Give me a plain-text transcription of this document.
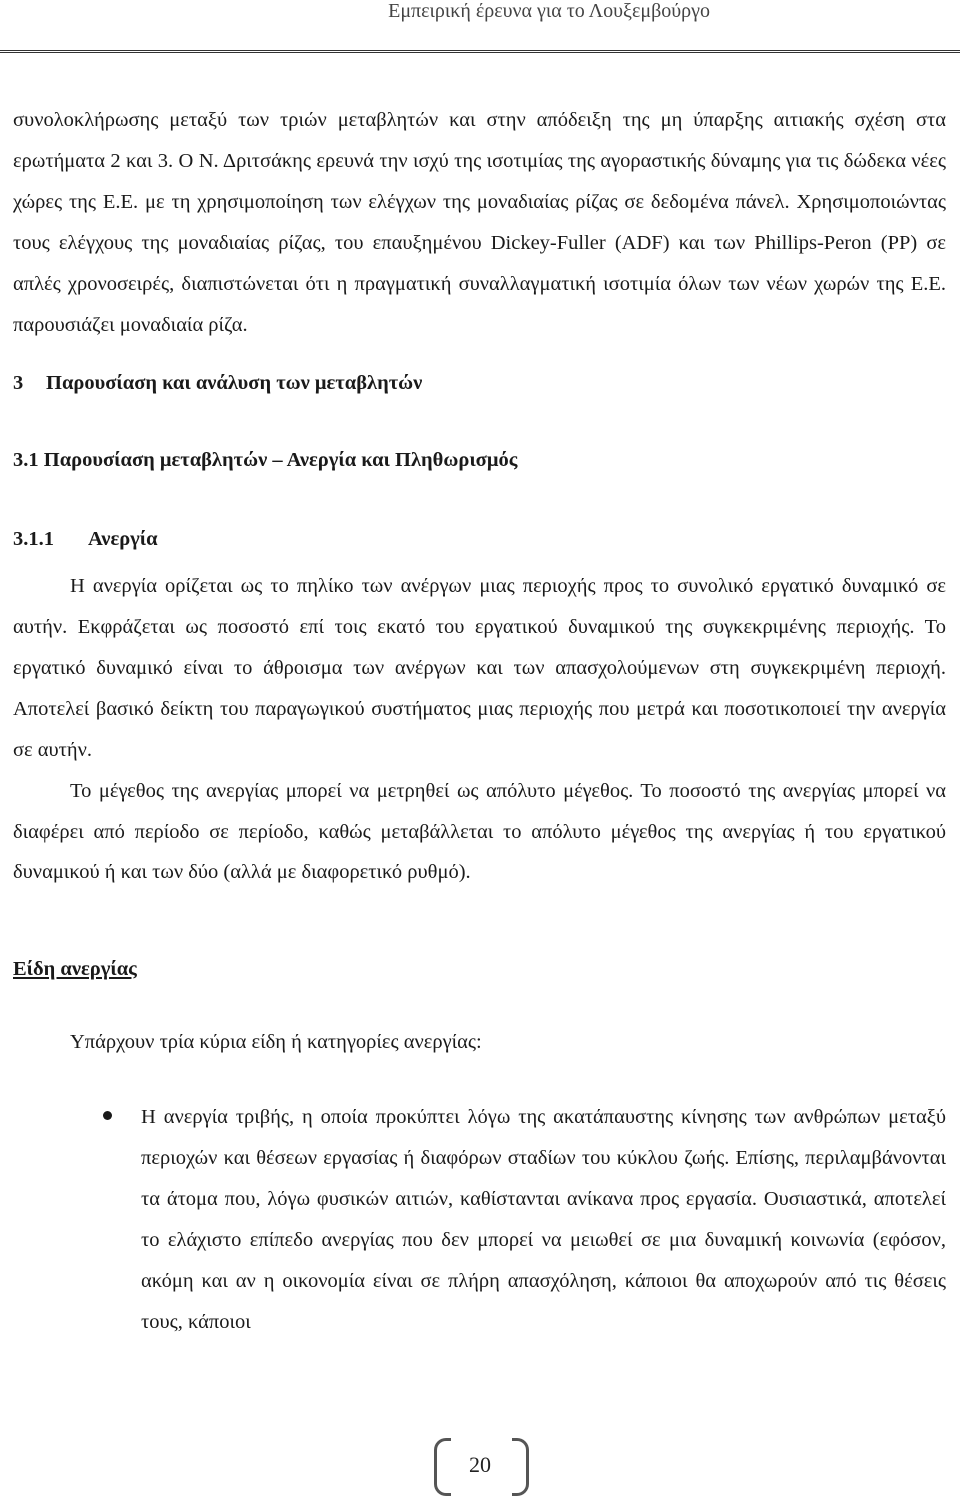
Εμπειρική έρευνα για το Λουξεμβούργο

συνολοκλήρωσης μεταξύ των τριών μεταβλητών και στην απόδειξη της μη ύπαρξης αιτιακής σχέση στα ερωτήματα 2 και 3. Ο Ν. Δριτσάκης ερευνά την ισχύ της ισοτιμίας της αγοραστικής δύναμης για τις δώδεκα νέες χώρες της Ε.Ε. με τη χρησιμοποίηση των ελέγχων της μοναδιαίας ρίζας σε δεδομένα πάνελ. Χρησιμοποιώντας τους ελέγχους της μοναδιαίας ρίζας, του επαυξημένου Dickey-Fuller (ADF) και των Phillips-Peron (PP) σε απλές χρονοσειρές, διαπιστώνεται ότι η πραγματική συναλλαγματική ισοτιμία όλων των νέων χωρών της Ε.Ε. παρουσιάζει μοναδιαία ρίζα.

3 Παρουσίαση και ανάλυση των μεταβλητών
3.1 Παρουσίαση μεταβλητών – Ανεργία και Πληθωρισμός
3.1.1 Ανεργία

Η ανεργία ορίζεται ως το πηλίκο των ανέργων μιας περιοχής προς το συνολικό εργατικό δυναμικό σε αυτήν. Εκφράζεται ως ποσοστό επί τοις εκατό του εργατικού δυναμικού της συγκεκριμένης περιοχής. Το εργατικό δυναμικό είναι το άθροισμα των ανέργων και των απασχολούμενων στη συγκεκριμένη περιοχή. Αποτελεί βασικό δείκτη του παραγωγικού συστήματος μιας περιοχής που μετρά και ποσοτικοποιεί την ανεργία σε αυτήν.

Το μέγεθος της ανεργίας μπορεί να μετρηθεί ως απόλυτο μέγεθος. Το ποσοστό της ανεργίας μπορεί να διαφέρει από περίοδο σε περίοδο, καθώς μεταβάλλεται το απόλυτο μέγεθος της ανεργίας ή του εργατικού δυναμικού ή και των δύο (αλλά με διαφορετικό ρυθμό).

Είδη ανεργίας

Υπάρχουν τρία κύρια είδη ή κατηγορίες ανεργίας:

Η ανεργία τριβής, η οποία προκύπτει λόγω της ακατάπαυστης κίνησης των ανθρώπων μεταξύ περιοχών και θέσεων εργασίας ή διαφόρων σταδίων του κύκλου ζωής. Επίσης, περιλαμβάνονται τα άτομα που, λόγω φυσικών αιτιών, καθίστανται ανίκανα προς εργασία. Ουσιαστικά, αποτελεί το ελάχιστο επίπεδο ανεργίας που δεν μπορεί να μειωθεί σε μια δυναμική κοινωνία (εφόσον, ακόμη και αν η οικονομία είναι σε πλήρη απασχόληση, κάποιοι θα αποχωρούν από τις θέσεις τους, κάποιοι

20
